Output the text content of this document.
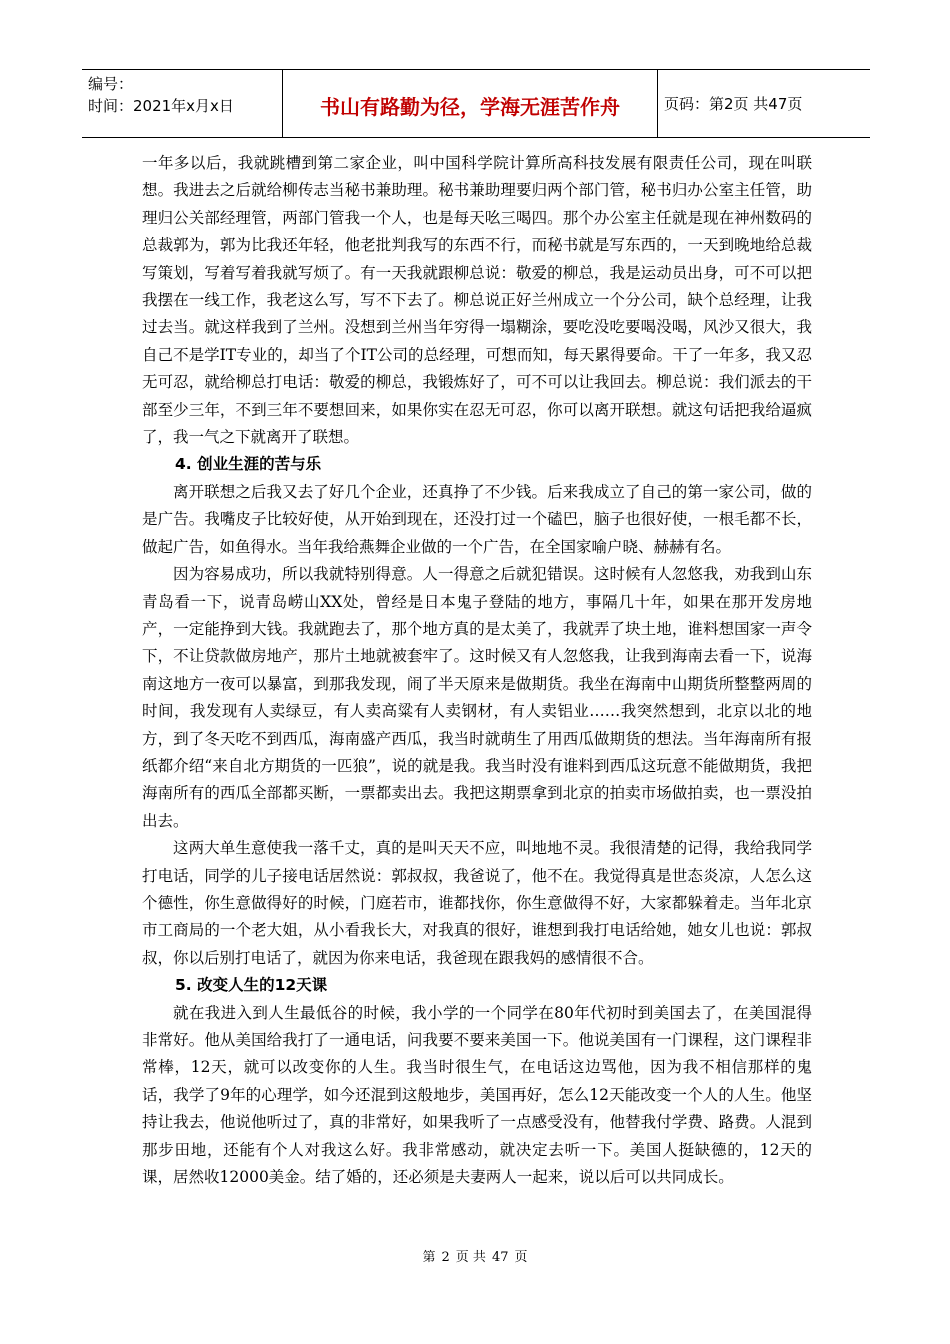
编号：
时间：2021年x月x日	书山有路勤为径，学海无涯苦作舟	页码：第2页 共47页

一年多以后，我就跳槽到第二家企业，叫中国科学院计算所高科技发展有限责任公司，现在叫联想。我进去之后就给柳传志当秘书兼助理。秘书兼助理要归两个部门管，秘书归办公室主任管，助理归公关部经理管，两部门管我一个人，也是每天吆三喝四。那个办公室主任就是现在神州数码的总裁郭为，郭为比我还年轻，他老批判我写的东西不行，而秘书就是写东西的，一天到晚地给总裁写策划，写着写着我就写烦了。有一天我就跟柳总说：敬爱的柳总，我是运动员出身，可不可以把我摆在一线工作，我老这么写，写不下去了。柳总说正好兰州成立一个分公司，缺个总经理，让我过去当。就这样我到了兰州。没想到兰州当年穷得一塌糊涂，要吃没吃要喝没喝，风沙又很大，我自己不是学IT专业的，却当了个IT公司的总经理，可想而知，每天累得要命。干了一年多，我又忍无可忍，就给柳总打电话：敬爱的柳总，我锻炼好了，可不可以让我回去。柳总说：我们派去的干部至少三年，不到三年不要想回来，如果你实在忍无可忍，你可以离开联想。就这句话把我给逼疯了，我一气之下就离开了联想。

4. 创业生涯的苦与乐

离开联想之后我又去了好几个企业，还真挣了不少钱。后来我成立了自己的第一家公司，做的是广告。我嘴皮子比较好使，从开始到现在，还没打过一个磕巴，脑子也很好使，一根毛都不长，做起广告，如鱼得水。当年我给燕舞企业做的一个广告，在全国家喻户晓、赫赫有名。

因为容易成功，所以我就特别得意。人一得意之后就犯错误。这时候有人忽悠我，劝我到山东青岛看一下，说青岛崂山XX处，曾经是日本鬼子登陆的地方，事隔几十年，如果在那开发房地产，一定能挣到大钱。我就跑去了，那个地方真的是太美了，我就弄了块土地，谁料想国家一声令下，不让贷款做房地产，那片土地就被套牢了。这时候又有人忽悠我，让我到海南去看一下，说海南这地方一夜可以暴富，到那我发现，闹了半天原来是做期货。我坐在海南中山期货所整整两周的时间，我发现有人卖绿豆，有人卖高粱有人卖钢材，有人卖铝业……我突然想到，北京以北的地方，到了冬天吃不到西瓜，海南盛产西瓜，我当时就萌生了用西瓜做期货的想法。当年海南所有报纸都介绍“来自北方期货的一匹狼”，说的就是我。我当时没有谁料到西瓜这玩意不能做期货，我把海南所有的西瓜全部都买断，一票都卖出去。我把这期票拿到北京的拍卖市场做拍卖，也一票没拍出去。

这两大单生意使我一落千丈，真的是叫天天不应，叫地地不灵。我很清楚的记得，我给我同学打电话，同学的儿子接电话居然说：郭叔叔，我爸说了，他不在。我觉得真是世态炎凉，人怎么这个德性，你生意做得好的时候，门庭若市，谁都找你，你生意做得不好，大家都躲着走。当年北京市工商局的一个老大姐，从小看我长大，对我真的很好，谁想到我打电话给她，她女儿也说：郭叔叔，你以后别打电话了，就因为你来电话，我爸现在跟我妈的感情很不合。

5. 改变人生的12天课

就在我进入到人生最低谷的时候，我小学的一个同学在80年代初时到美国去了，在美国混得非常好。他从美国给我打了一通电话，问我要不要来美国一下。他说美国有一门课程，这门课程非常棒，12天，就可以改变你的人生。我当时很生气，在电话这边骂他，因为我不相信那样的鬼话，我学了9年的心理学，如今还混到这般地步，美国再好，怎么12天能改变一个人的人生。他坚持让我去，他说他听过了，真的非常好，如果我听了一点感受没有，他替我付学费、路费。人混到那步田地，还能有个人对我这么好。我非常感动，就决定去听一下。美国人挺缺德的，12天的课，居然收12000美金。结了婚的，还必须是夫妻两人一起来，说以后可以共同成长。

第 2 页 共 47 页
